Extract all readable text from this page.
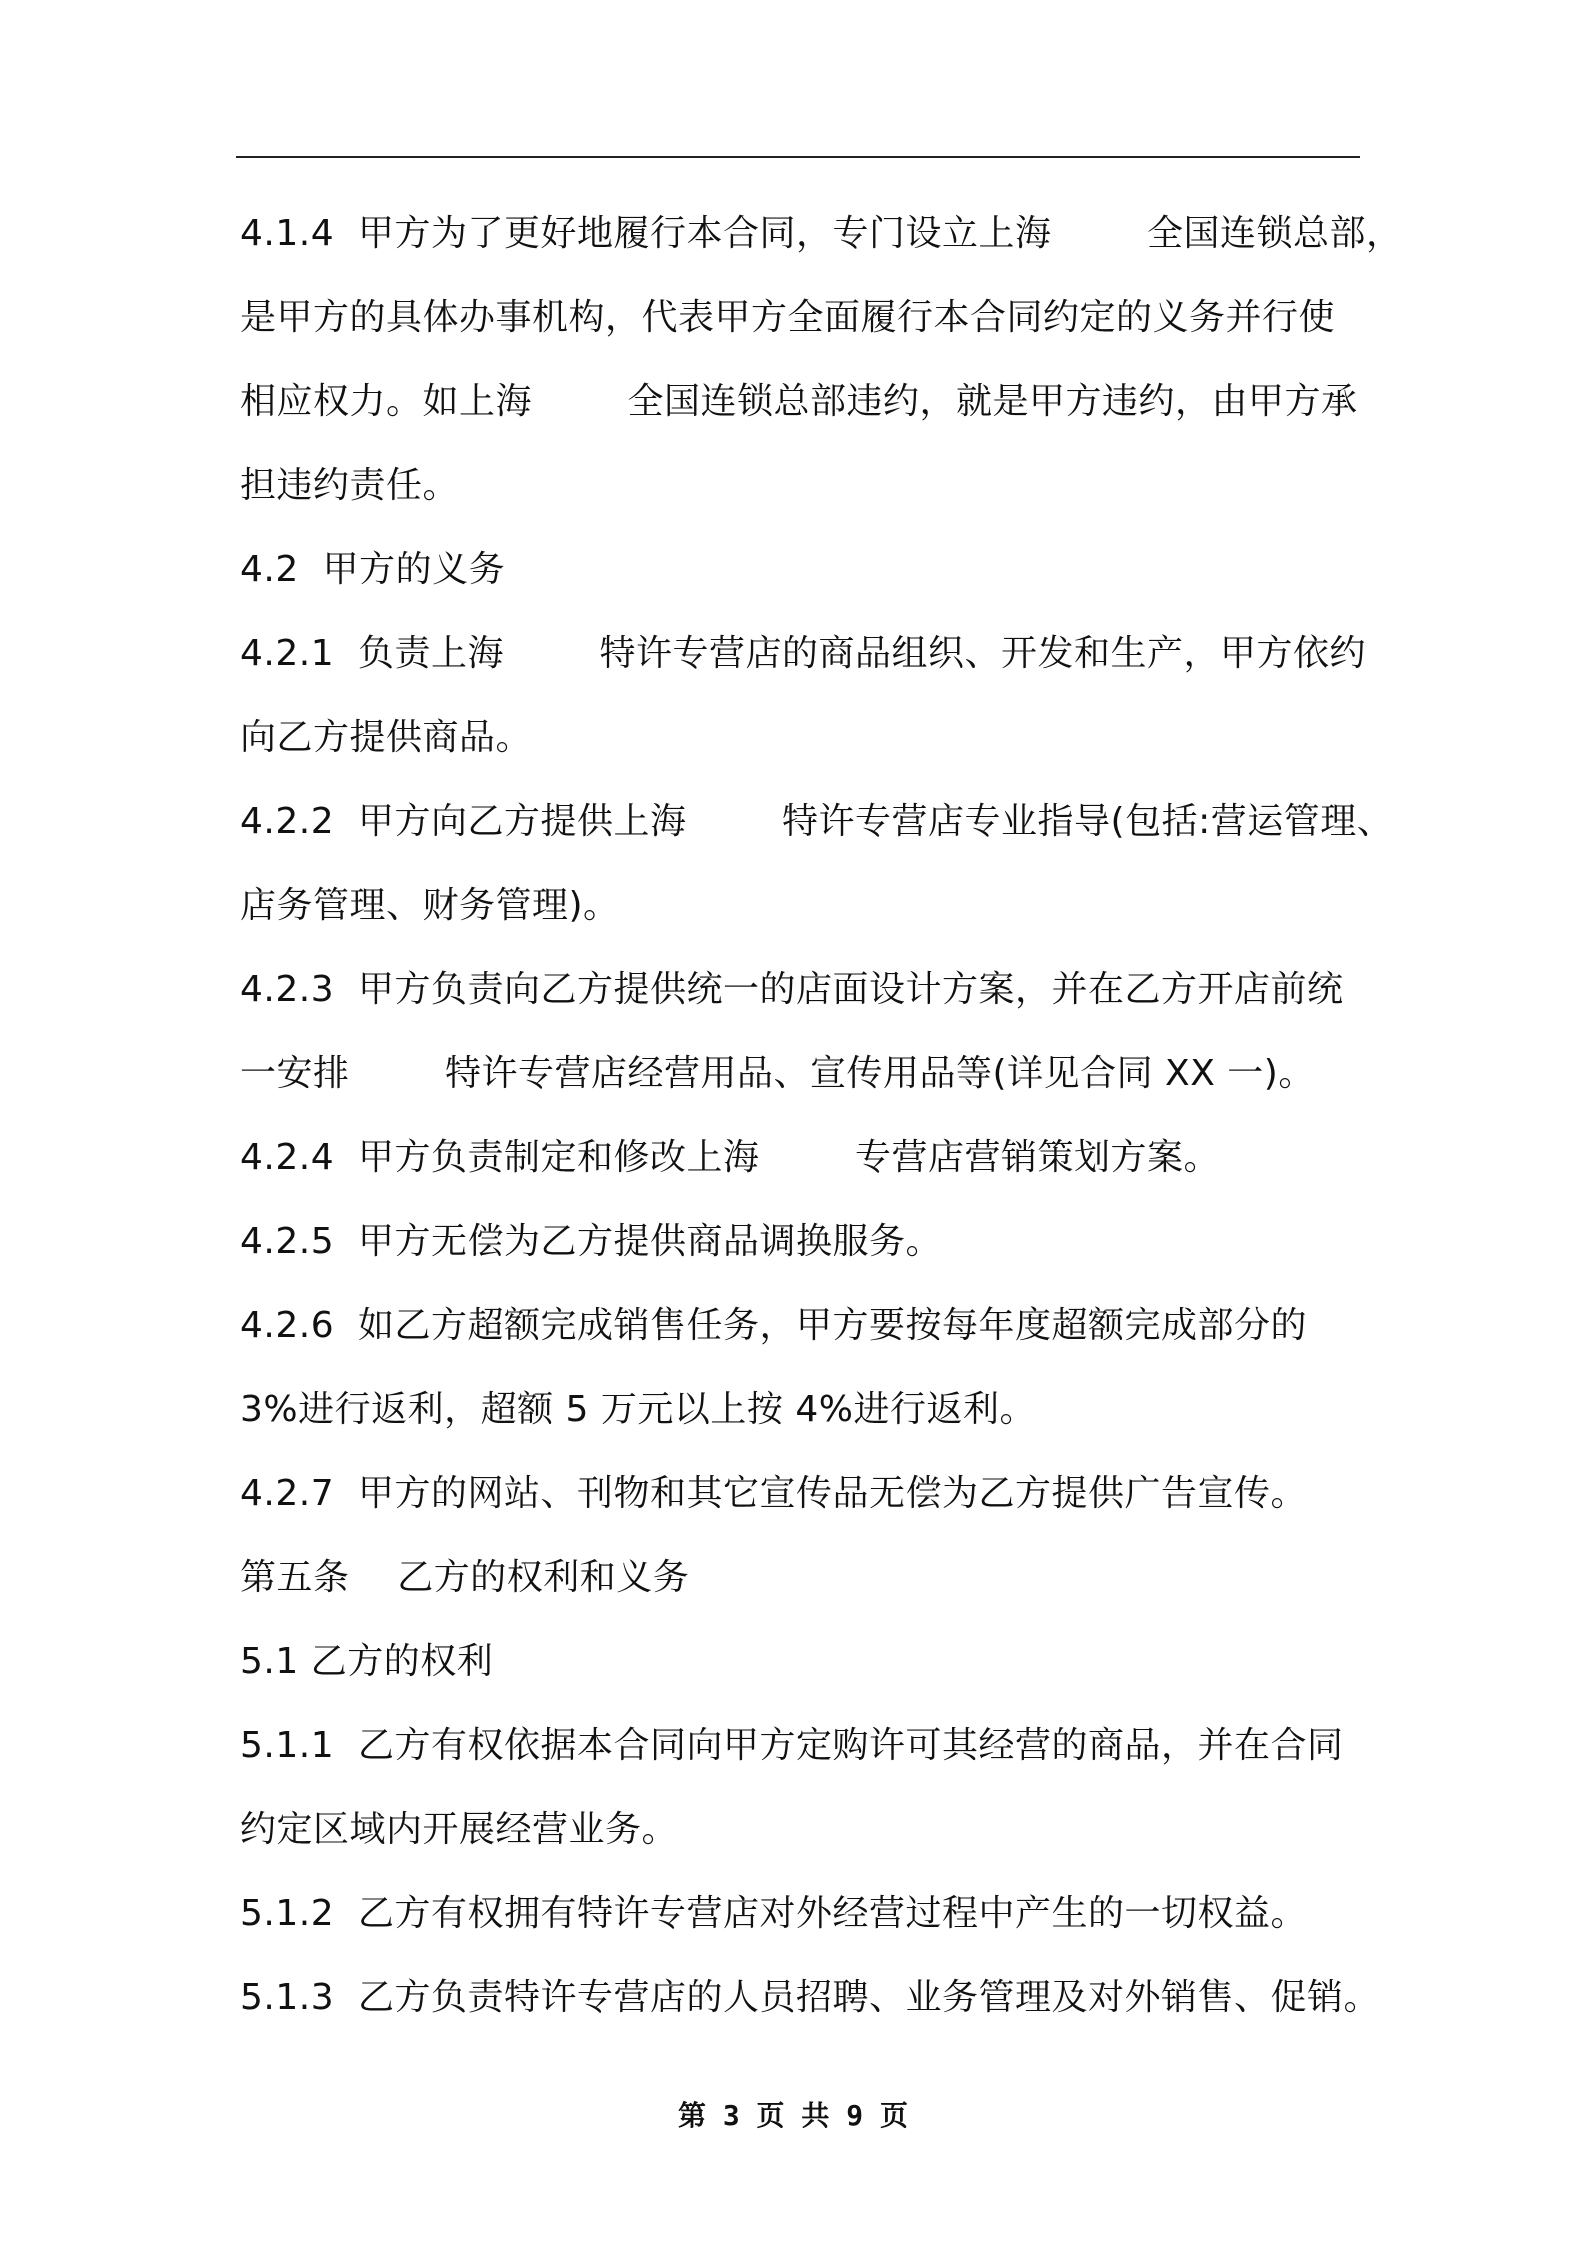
4.1.4  甲方为了更好地履行本合同，专门设立上海        全国连锁总部，
是甲方的具体办事机构，代表甲方全面履行本合同约定的义务并行使
相应权力。如上海        全国连锁总部违约，就是甲方违约，由甲方承
担违约责任。
4.2  甲方的义务
4.2.1  负责上海        特许专营店的商品组织、开发和生产，甲方依约
向乙方提供商品。
4.2.2  甲方向乙方提供上海        特许专营店专业指导(包括:营运管理、
店务管理、财务管理)。
4.2.3  甲方负责向乙方提供统一的店面设计方案，并在乙方开店前统
一安排        特许专营店经营用品、宣传用品等(详见合同 XX 一)。
4.2.4  甲方负责制定和修改上海        专营店营销策划方案。
4.2.5  甲方无偿为乙方提供商品调换服务。
4.2.6  如乙方超额完成销售任务，甲方要按每年度超额完成部分的
3%进行返利，超额 5 万元以上按 4%进行返利。
4.2.7  甲方的网站、刊物和其它宣传品无偿为乙方提供广告宣传。
第五条    乙方的权利和义务
5.1 乙方的权利
5.1.1  乙方有权依据本合同向甲方定购许可其经营的商品，并在合同
约定区域内开展经营业务。
5.1.2  乙方有权拥有特许专营店对外经营过程中产生的一切权益。
5.1.3  乙方负责特许专营店的人员招聘、业务管理及对外销售、促销。
第 3 页 共 9 页
